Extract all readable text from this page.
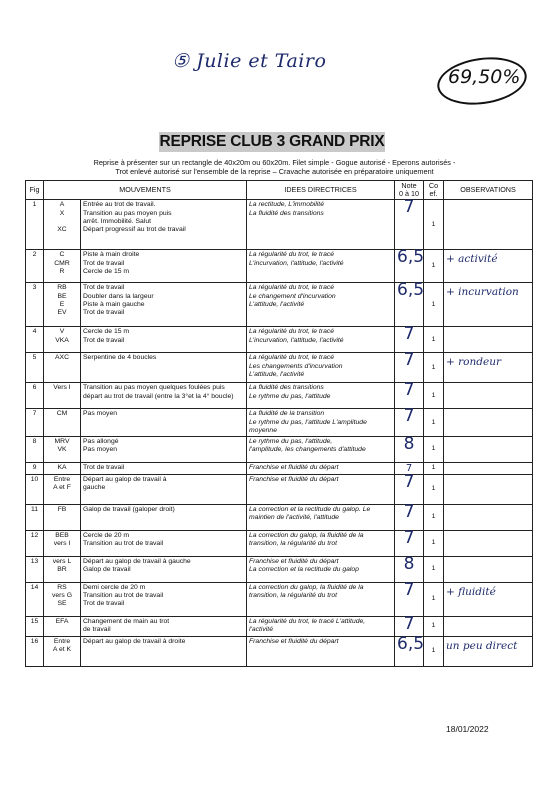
⑤ Julie et Tairo
69,50%
REPRISE CLUB 3 GRAND PRIX
Reprise à présenter sur un rectangle de 40x20m ou 60x20m. Filet simple - Gogue autorisé - Eperons autorisés -
Trot enlevé autorisé sur l'ensemble de la reprise – Cravache autorisée en préparatoire uniquement
Fig	MOUVEMENTS		IDEES DIRECTRICES	Note
0 à 10	Co
ef.	OBSERVATIONS
1	A
X

XC	Entrée au trot de travail.
Transition au pas moyen puis
arrêt. Immobilité. Salut
Départ progressif au trot de travail	La rectitude, L'immobilité
La fluidité des transitions	7	1	
2	C
CMR
R	Piste à main droite
Trot de travail
Cercle de 15 m	La régularité du trot, le tracé
L'incurvation, l'attitude, l'activité	6,5	1	+ activité

3	RB
BE
E
EV	Trot de travail
Doubler dans la largeur
Piste à main gauche
Trot de travail	La régularité du trot, le tracé
Le changement d'incurvation
L'attitude, l'activité	6,5	1	+ incurvation

4	V
VKA	Cercle de 15 m
Trot de travail	La régularité du trot, le tracé
L'incurvation, l'attitude, l'activité	7	1	
5	AXC	Serpentine de 4 boucles	La régularité du trot, le tracé
Les changements d'incurvation
L'attitude, l'activité	7	1	+ rondeur

6	Vers I	Transition au pas moyen quelques foulées puis
départ au trot de travail (entre la 3°et la 4° boucle)	La fluidité des transitions
Le rythme du pas, l'attitude	7	1	
7	CM	Pas moyen	La fluidité de la transition
Le rythme du pas, l'attitude L'amplitude
moyenne	7	1	
8	MRV
VK	Pas allongé
Pas moyen	Le rythme du pas, l'attitude,
l'amplitude, les changements d'attitude	8	1	
9	KA	Trot de travail	Franchise et fluidité du départ	7	1	
10	Entre
A et F	Départ au galop de travail à
gauche	Franchise et fluidité du départ	7	1	
11	FB	Galop de travail (galoper droit)	La correction et la rectitude du galop. Le
maintien de l'activité, l'attitude	7	1	
12	BEB
vers I	Cercle de 20 m
Transition au trot de travail	La correction du galop, la fluidité de la
transition, la régularité du trot	7	1	
13	vers L
BR	Départ au galop de travail à gauche
Galop de travail	Franchise et fluidité du départ
La correction et la rectitude du galop	8	1	
14	RS
vers G
SE	Demi cercle de 20 m
Transition au trot de travail
Trot de travail	La correction du galop, la fluidité de la
transition, la régularité du trot	7	1	+ fluidité

15	EFA	Changement de main au trot
de travail	La régularité du trot, le tracé L'attitude,
l'activité	7	1	
16	Entre
A et K	Départ au galop de travail à droite	Franchise et fluidité du départ	6,5	1	un peu direct
18/01/2022
